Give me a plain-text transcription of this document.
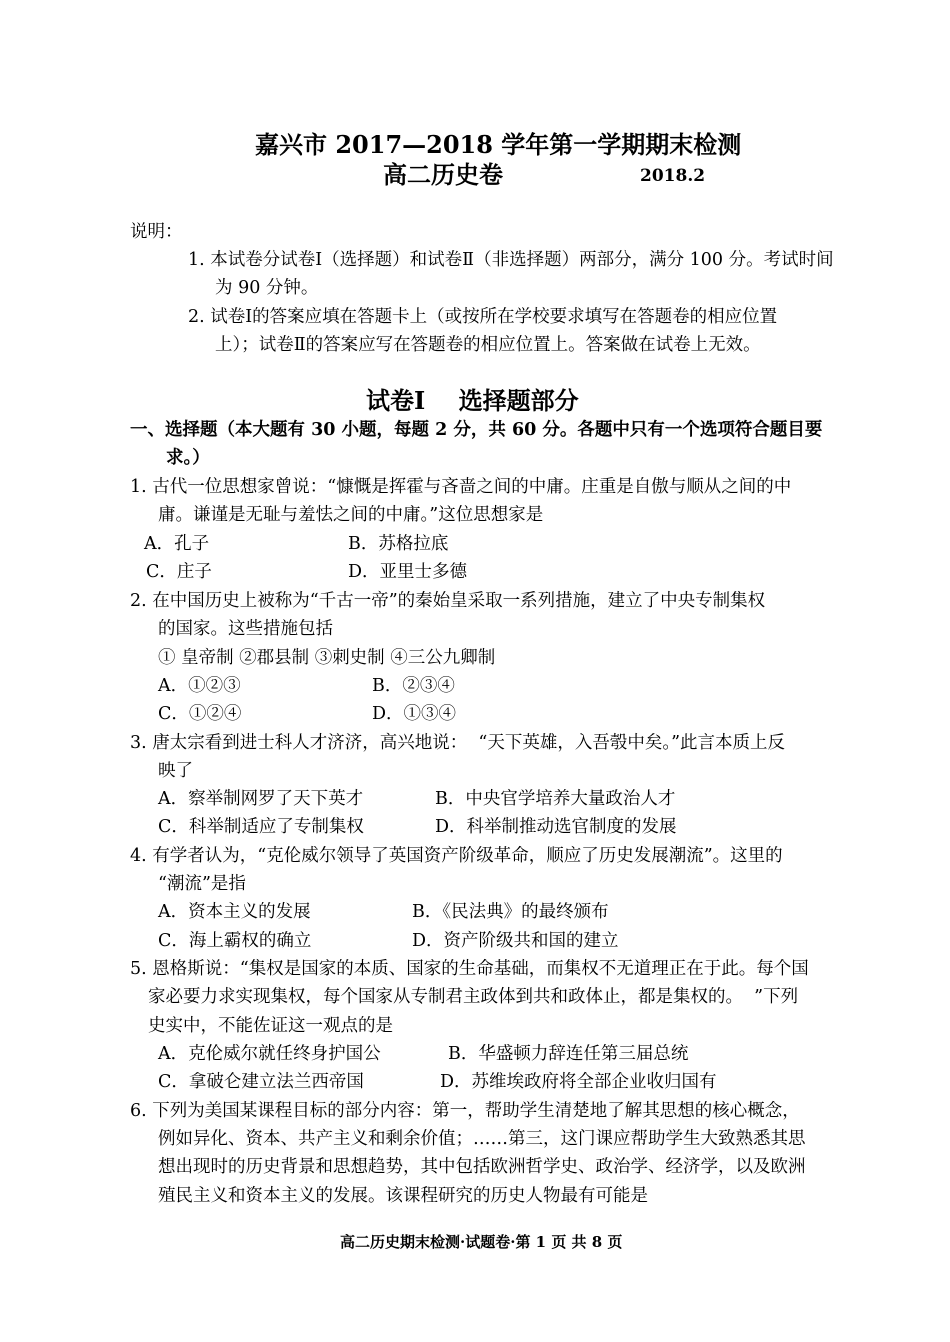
嘉兴市 2017—2018 学年第一学期期末检测
高二历史卷	2018.2
说明：
1. 本试卷分试卷Ⅰ（选择题）和试卷Ⅱ（非选择题）两部分，满分 100 分。考试时间
为 90 分钟。
2. 试卷Ⅰ的答案应填在答题卡上（或按所在学校要求填写在答题卷的相应位置
上）；试卷Ⅱ的答案应写在答题卷的相应位置上。答案做在试卷上无效。
试卷Ⅰ    选择题部分
一、选择题（本大题有 30 小题，每题 2 分，共 60 分。各题中只有一个选项符合题目要
求。）
1. 古代一位思想家曾说：“慷慨是挥霍与吝啬之间的中庸。庄重是自傲与顺从之间的中
庸。谦谨是无耻与羞怯之间的中庸。”这位思想家是
A．孔子	B．苏格拉底
C．庄子	D．亚里士多德
2. 在中国历史上被称为“千古一帝”的秦始皇采取一系列措施，建立了中央专制集权
的国家。这些措施包括
① 皇帝制 ②郡县制 ③刺史制 ④三公九卿制
A．①②③	B．②③④
C．①②④	D．①③④
3. 唐太宗看到进士科人才济济，高兴地说：  “天下英雄，入吾彀中矣。”此言本质上反
映了
A．察举制网罗了天下英才	B．中央官学培养大量政治人才
C．科举制适应了专制集权	D．科举制推动选官制度的发展
4. 有学者认为，“克伦威尔领导了英国资产阶级革命，顺应了历史发展潮流”。这里的
“潮流”是指
A．资本主义的发展	B．《民法典》的最终颁布
C．海上霸权的确立	D．资产阶级共和国的建立
5. 恩格斯说：“集权是国家的本质、国家的生命基础，而集权不无道理正在于此。每个国
家必要力求实现集权，每个国家从专制君主政体到共和政体止，都是集权的。  ”下列
史实中，不能佐证这一观点的是
A．克伦威尔就任终身护国公	B．华盛顿力辞连任第三届总统
C．拿破仑建立法兰西帝国	D．苏维埃政府将全部企业收归国有
6. 下列为美国某课程目标的部分内容：第一，帮助学生清楚地了解其思想的核心概念，
例如异化、资本、共产主义和剩余价值；……第三，这门课应帮助学生大致熟悉其思
想出现时的历史背景和思想趋势，其中包括欧洲哲学史、政治学、经济学，以及欧洲
殖民主义和资本主义的发展。该课程研究的历史人物最有可能是
高二历史期末检测·试题卷·第 1 页 共 8 页
